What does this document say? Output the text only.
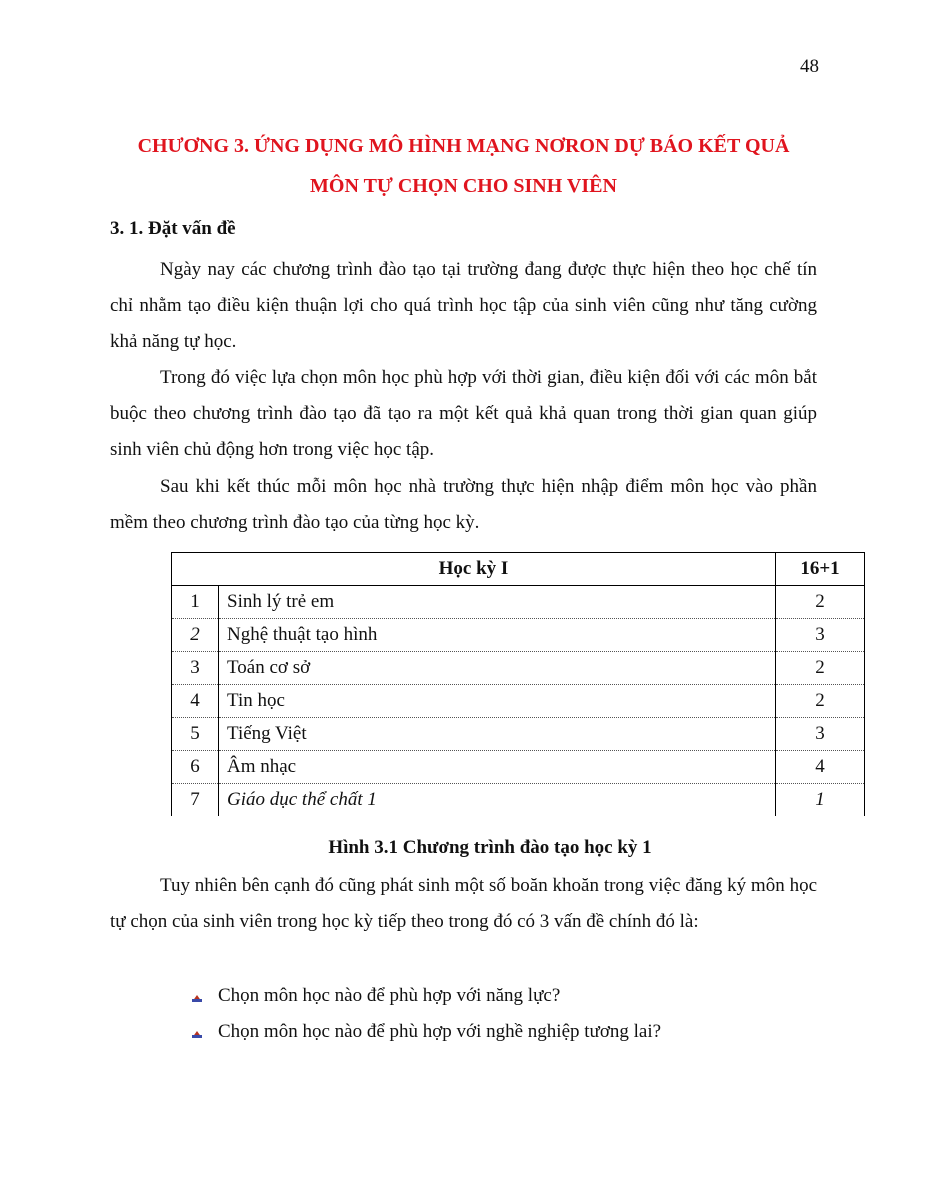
48
CHƯƠNG 3. ỨNG DỤNG MÔ HÌNH MẠNG NƠRON DỰ BÁO KẾT QUẢ
MÔN TỰ CHỌN CHO SINH VIÊN
3. 1. Đặt vấn đề

Ngày nay các chương trình đào tạo tại trường đang được thực hiện theo học chế tín chỉ nhằm tạo điều kiện thuận lợi cho quá trình học tập của sinh viên cũng như tăng cường khả năng tự học.

Trong đó việc lựa chọn môn học phù hợp với thời gian, điều kiện đối với các môn bắt buộc theo chương trình đào tạo đã tạo ra một kết quả khả quan trong thời gian quan giúp sinh viên chủ động hơn trong việc học tập.

Sau khi kết thúc mỗi môn học nhà trường thực hiện nhập điểm môn học vào phần mềm theo chương trình đào tạo của từng học kỳ.

Học kỳ I		16+1
1	Sinh lý trẻ em	2
2	Nghệ thuật tạo hình	3
3	Toán cơ sở	2
4	Tin học	2
5	Tiếng Việt	3
6	Âm nhạc	4
7	Giáo dục thể chất 1	1

Hình 3.1 Chương trình đào tạo học kỳ 1

Tuy nhiên bên cạnh đó cũng phát sinh một số boăn khoăn trong việc đăng ký môn học tự chọn của sinh viên trong học kỳ tiếp theo trong đó có 3 vấn đề chính đó là:

Chọn môn học nào để phù hợp với năng lực?
Chọn môn học nào để phù hợp với nghề nghiệp tương lai?
